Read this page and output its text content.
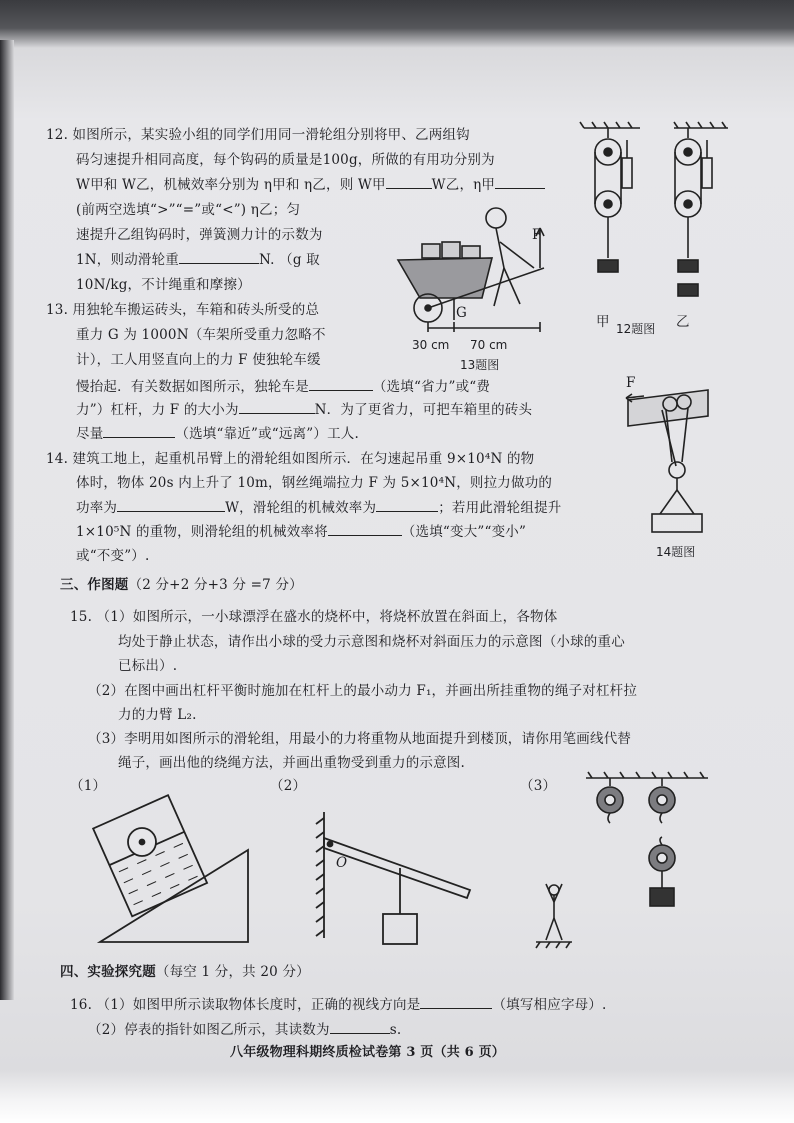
12. 如图所示，某实验小组的同学们用同一滑轮组分别将甲、乙两组钩
码匀速提升相同高度，每个钩码的质量是100g，所做的有用功分别为
W甲和 W乙，机械效率分别为 η甲和 η乙，则 W甲	W乙，η甲
(前两空选填“>”“=”或“<”) η乙；匀
速提升乙组钩码时，弹簧测力计的示数为
1N，则动滑轮重	N. （g 取
10N/kg，不计绳重和摩擦）
13. 用独轮车搬运砖头，车箱和砖头所受的总
重力 G 为 1000N（车架所受重力忽略不
计），工人用竖直向上的力 F 使独轮车缓
慢抬起．有关数据如图所示，独轮车是	（选填“省力”或“费
力”）杠杆，力 F 的大小为	N．为了更省力，可把车箱里的砖头
尽量	（选填“靠近”或“远离”）工人.
14. 建筑工地上，起重机吊臂上的滑轮组如图所示．在匀速起吊重 9×10⁴N 的物
体时，物体 20s 内上升了 10m，钢丝绳端拉力 F 为 5×10⁴N，则拉力做功的
功率为	W，滑轮组的机械效率为	；若用此滑轮组提升
1×10⁵N 的重物，则滑轮组的机械效率将	（选填“变大”“变小”
或“不变”）.
三、作图题（2 分+2 分+3 分 =7 分）
15. （1）如图所示，一小球漂浮在盛水的烧杯中，将烧杯放置在斜面上，各物体
均处于静止状态，请作出小球的受力示意图和烧杯对斜面压力的示意图（小球的重心
已标出）.
（2）在图中画出杠杆平衡时施加在杠杆上的最小动力 F₁，并画出所挂重物的绳子对杠杆拉
力的力臂 L₂.
（3）李明用如图所示的滑轮组，用最小的力将重物从地面提升到楼顶，请你用笔画线代替
绳子，画出他的绕绳方法，并画出重物受到重力的示意图.
（1）	（2）	（3）
四、实验探究题（每空 1 分，共 20 分）
16. （1）如图甲所示读取物体长度时，正确的视线方向是	（填写相应字母）.
（2）停表的指针如图乙所示，其读数为	s.
八年级物理科期终质检试卷第 3 页（共 6 页）
甲	乙
12题图
G
F
30 cm 70 cm
13题图
F
14题图
O
